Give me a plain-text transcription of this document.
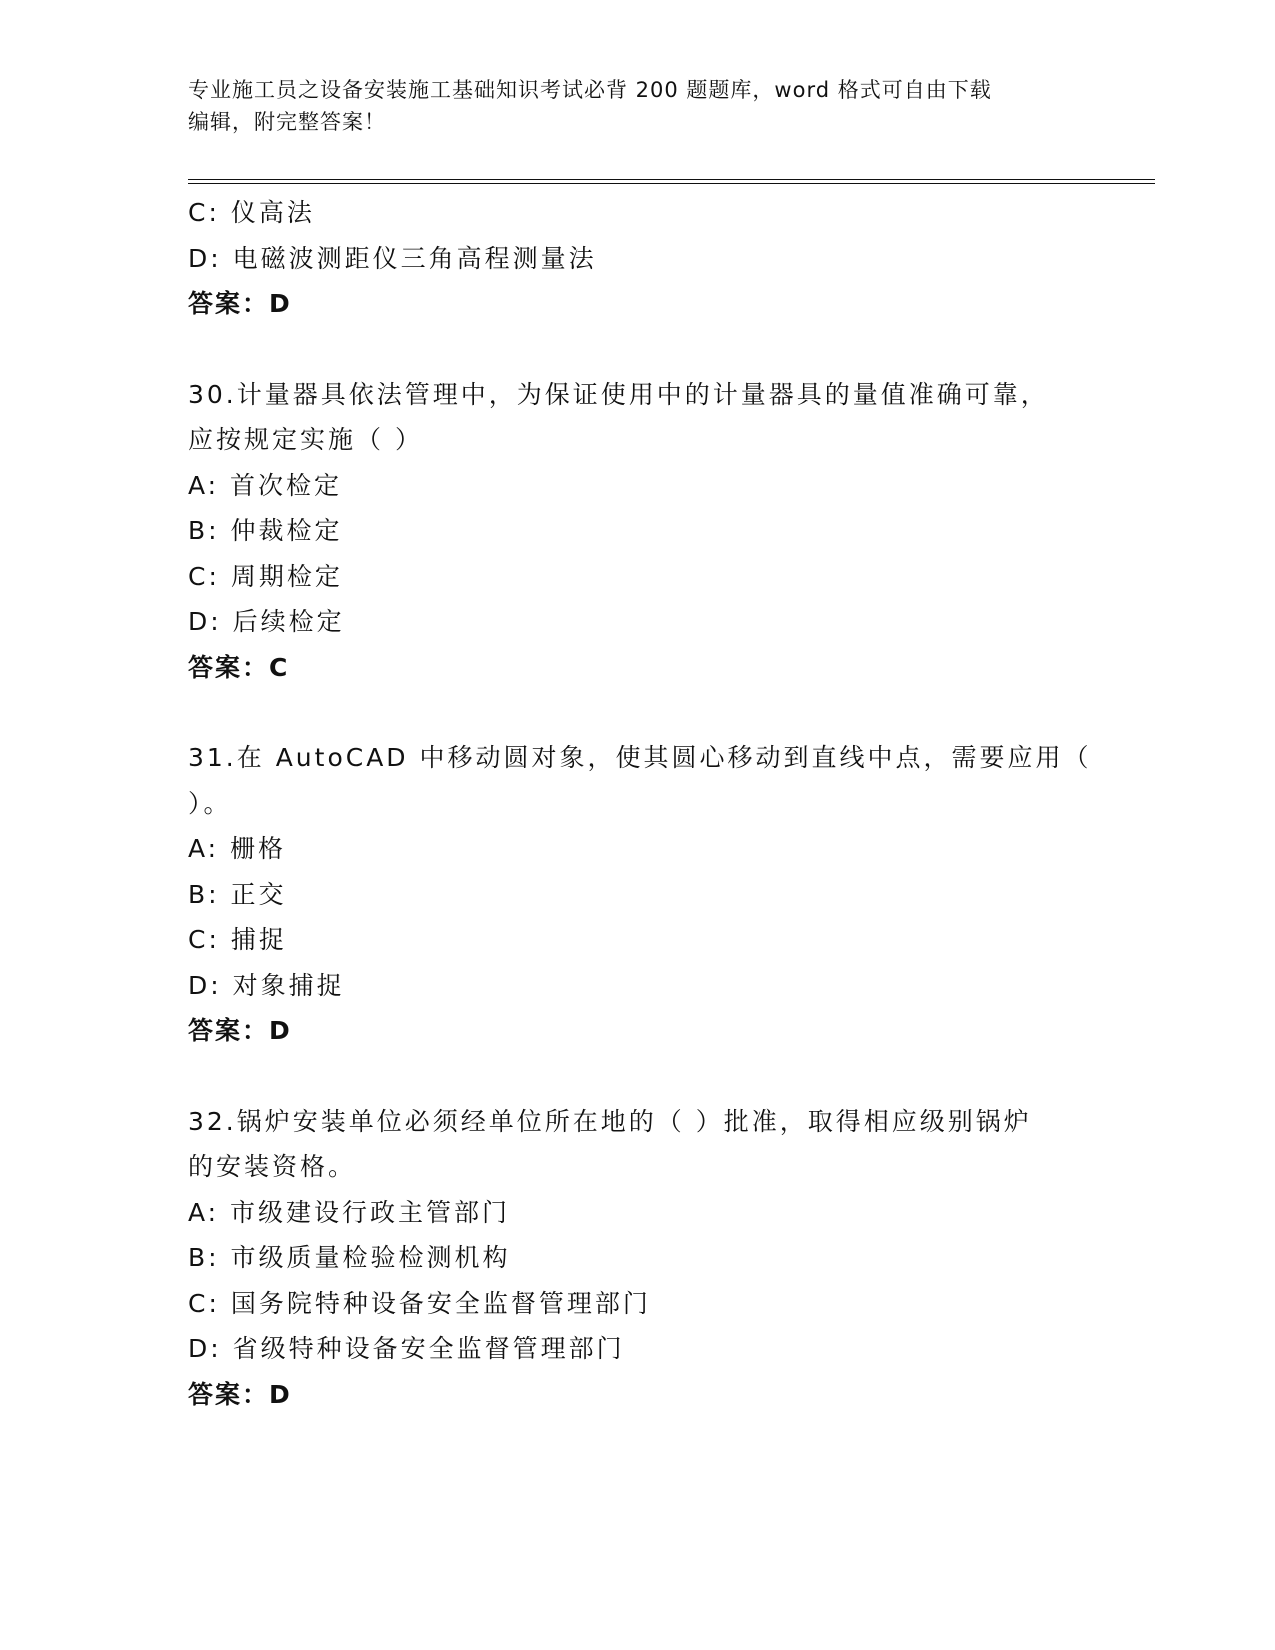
专业施工员之设备安装施工基础知识考试必背 200 题题库，word 格式可自由下载
编辑，附完整答案！
C: 仪高法
D: 电磁波测距仪三角高程测量法
答案：D
30.计量器具依法管理中，为保证使用中的计量器具的量值准确可靠，
应按规定实施（ ）
A: 首次检定
B: 仲裁检定
C: 周期检定
D: 后续检定
答案：C
31.在 AutoCAD 中移动圆对象，使其圆心移动到直线中点，需要应用（
）。
A: 栅格
B: 正交
C: 捕捉
D: 对象捕捉
答案：D
32.锅炉安装单位必须经单位所在地的（ ）批准，取得相应级别锅炉
的安装资格。
A: 市级建设行政主管部门
B: 市级质量检验检测机构
C: 国务院特种设备安全监督管理部门
D: 省级特种设备安全监督管理部门
答案：D
